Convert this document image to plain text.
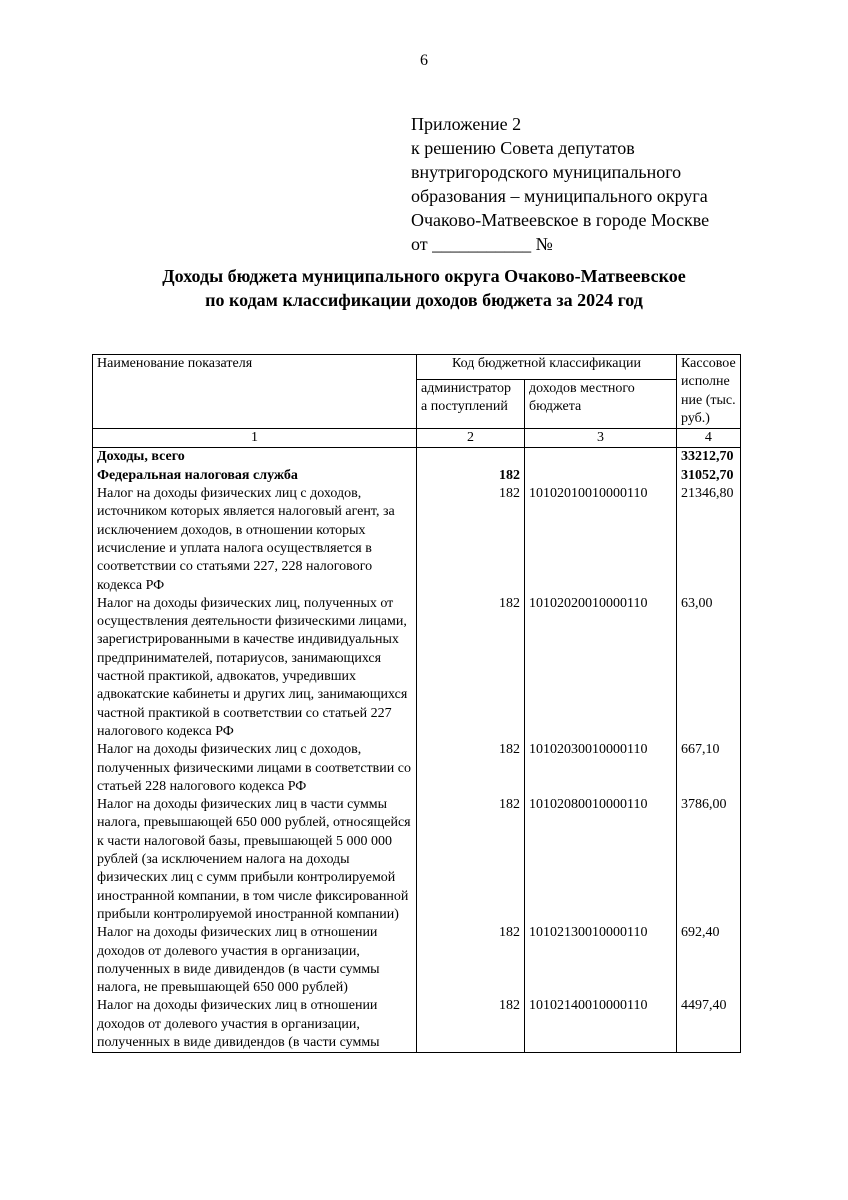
6
Приложение 2
к решению Совета депутатов
внутригородского муниципального
образования – муниципального округа
Очаково-Матвеевское в городе Москве
от ___________ №
Доходы бюджета муниципального округа Очаково-Матвеевское
по кодам классификации доходов бюджета за 2024 год
Наименование показателя	Код бюджетной классификации		Кассовое исполне ние (тыс. руб.)
	администратор а поступлений	доходов местного бюджета	
1	2	3	4
Доходы, всего			33212,70
Федеральная налоговая служба	182		31052,70
Налог на доходы физических лиц с доходов, источником которых является налоговый агент, за исключением доходов, в отношении которых исчисление и уплата налога осуществляется в соответствии со статьями 227, 228 налогового кодекса РФ	182	10102010010000110	21346,80
Налог на доходы физических лиц, полученных от осуществления деятельности физическими лицами, зарегистрированными в качестве индивидуальных предприниматeлей, потариусов, занимающихся частной практикой, адвокатов, учредивших адвокатские кабинеты и других лиц, занимающихся частной практикой в соответствии со статьей 227 налогового кодекса РФ	182	10102020010000110	63,00
Налог на доходы физических лиц с доходов, полученных физическими лицами в соответствии со статьей 228 налогового кодекса РФ	182	10102030010000110	667,10
Налог на доходы физических лиц в части суммы налога, превышающей 650 000 рублей, относящейся к части налоговой базы, превышающей 5 000 000 рублей (за исключением налога на доходы физических лиц с сумм прибыли контролируемой иностранной компании, в том числе фиксированной прибыли контролируемой иностранной компании)	182	10102080010000110	3786,00
Налог на доходы физических лиц в отношении доходов от долевого участия в организации, полученных в виде дивидендов (в части суммы налога, не превышающей 650 000 рублей)	182	10102130010000110	692,40
Налог на доходы физических лиц в отношении доходов от долевого участия в организации, полученных в виде дивидендов (в части суммы	182	10102140010000110	4497,40
